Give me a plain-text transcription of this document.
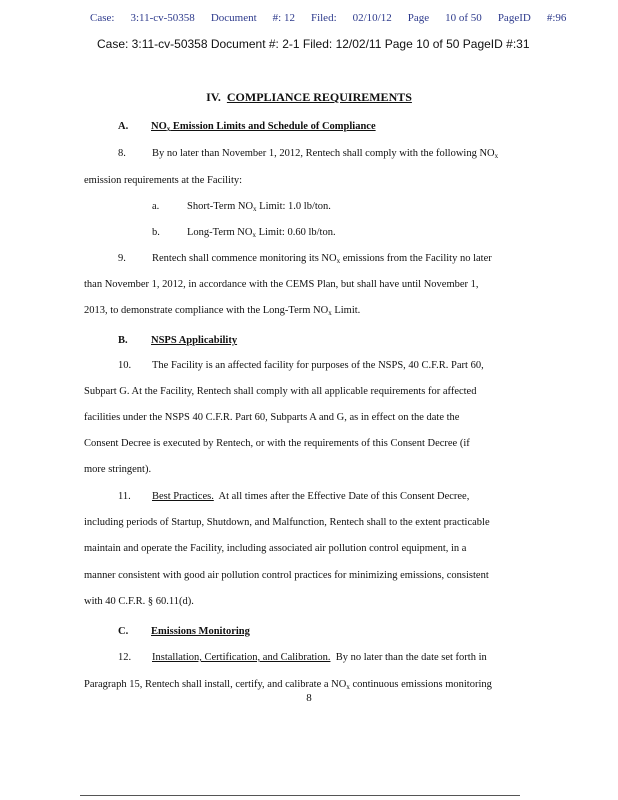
Case: 3:11-cv-50358 Document #: 12 Filed: 02/10/12 Page 10 of 50 PageID #:96
Case: 3:11-cv-50358 Document #: 2-1 Filed: 12/02/11 Page 10 of 50 PageID #:31
IV. COMPLIANCE REQUIREMENTS
A. $NO_x$ Emission Limits and Schedule of Compliance
8. By no later than November 1, 2012, Rentech shall comply with the following $NO_x$
emission requirements at the Facility:
a.	Short-Term $NO_x$ Limit: 1.0 lb/ton.
b.	Long-Term $NO_x$ Limit: 0.60 lb/ton.
9. Rentech shall commence monitoring its $NO_x$ emissions from the Facility no later
than November 1, 2012, in accordance with the CEMS Plan, but shall have until November 1,
2013, to demonstrate compliance with the Long-Term $NO_x$ Limit.
B. NSPS Applicability
10. The Facility is an affected facility for purposes of the NSPS, 40 C.F.R. Part 60,
Subpart G. At the Facility, Rentech shall comply with all applicable requirements for affected
facilities under the NSPS 40 C.F.R. Part 60, Subparts A and G, as in effect on the date the
Consent Decree is executed by Rentech, or with the requirements of this Consent Decree (if
more stringent).
11. Best Practices.  At all times after the Effective Date of this Consent Decree,
including periods of Startup, Shutdown, and Malfunction, Rentech shall to the extent practicable
maintain and operate the Facility, including associated air pollution control equipment, in a
manner consistent with good air pollution control practices for minimizing emissions, consistent
with 40 C.F.R. § 60.11(d).
C. Emissions Monitoring
12. Installation, Certification, and Calibration.  By no later than the date set forth in
Paragraph 15, Rentech shall install, certify, and calibrate a $NO_x$ continuous emissions monitoring
8
